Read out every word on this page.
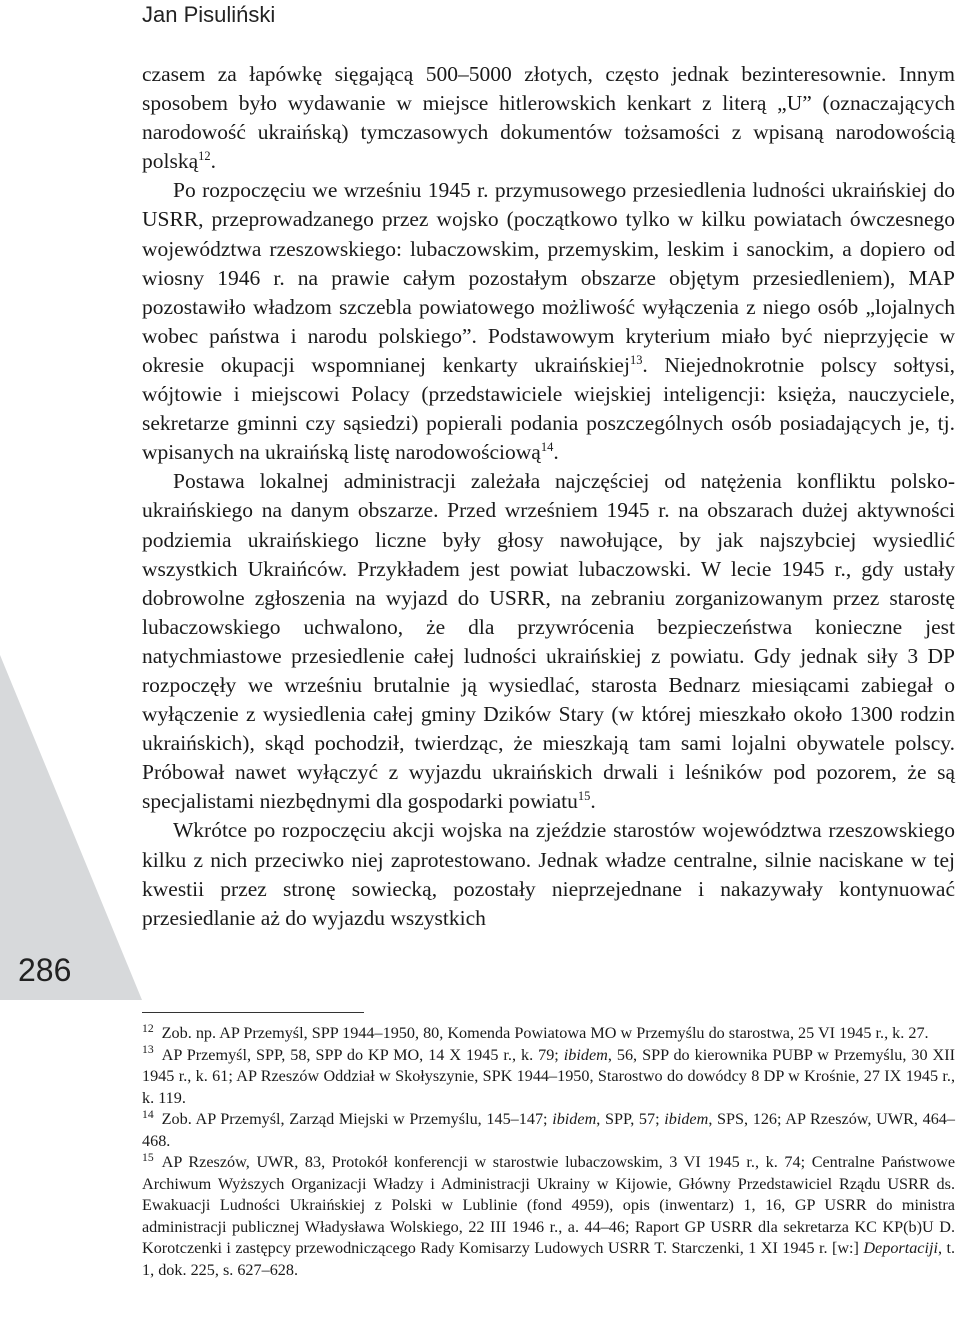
Jan Pisuliński
286

czasem za łapówkę sięgającą 500–5000 złotych, często jednak bezinteresownie. Innym sposobem było wydawanie w miejsce hitlerowskich kenkart z literą „U” (oznaczających narodowość ukraińską) tymczasowych dokumentów tożsamości z wpisaną narodowością polską$^{12}$.

Po rozpoczęciu we wrześniu 1945 r. przymusowego przesiedlenia ludności ukraińskiej do USRR, przeprowadzanego przez wojsko (początkowo tylko w kilku powiatach ówczesnego województwa rzeszowskiego: lubaczowskim, przemyskim, leskim i sanockim, a dopiero od wiosny 1946 r. na prawie całym pozostałym obszarze objętym przesiedleniem), MAP pozostawiło władzom szczebla powiatowego możliwość wyłączenia z niego osób „lojalnych wobec państwa i narodu polskiego”. Podstawowym kryterium miało być nieprzyjęcie w okresie okupacji wspomnianej kenkarty ukraińskiej$^{13}$. Niejednokrotnie polscy sołtysi, wójtowie i miejscowi Polacy (przedstawiciele wiejskiej inteligencji: księża, nauczyciele, sekretarze gminni czy sąsiedzi) popierali podania poszczególnych osób posiadających je, tj. wpisanych na ukraińską listę narodowościową$^{14}$.

Postawa lokalnej administracji zależała najczęściej od natężenia konfliktu polsko-ukraińskiego na danym obszarze. Przed wrześniem 1945 r. na obszarach dużej aktywności podziemia ukraińskiego liczne były głosy nawołujące, by jak najszybciej wysiedlić wszystkich Ukraińców. Przykładem jest powiat lubaczowski. W lecie 1945 r., gdy ustały dobrowolne zgłoszenia na wyjazd do USRR, na zebraniu zorganizowanym przez starostę lubaczowskiego uchwalono, że dla przywrócenia bezpieczeństwa konieczne jest natychmiastowe przesiedlenie całej ludności ukraińskiej z powiatu. Gdy jednak siły 3 DP rozpoczęły we wrześniu brutalnie ją wysiedlać, starosta Bednarz miesiącami zabiegał o wyłączenie z wysiedlenia całej gminy Dzików Stary (w której mieszkało około 1300 rodzin ukraińskich), skąd pochodził, twierdząc, że mieszkają tam sami lojalni obywatele polscy. Próbował nawet wyłączyć z wyjazdu ukraińskich drwali i leśników pod pozorem, że są specjalistami niezbędnymi dla gospodarki powiatu$^{15}$.

Wkrótce po rozpoczęciu akcji wojska na zjeździe starostów województwa rzeszowskiego kilku z nich przeciwko niej zaprotestowano. Jednak władze centralne, silnie naciskane w tej kwestii przez stronę sowiecką, pozostały nieprzejednane i nakazywały kontynuować przesiedlanie aż do wyjazdu wszystkich

$^{12}$ Zob. np. AP Przemyśl, SPP 1944–1950, 80, Komenda Powiatowa MO w Przemyślu do starostwa, 25 VI 1945 r., k. 27.

$^{13}$ AP Przemyśl, SPP, 58, SPP do KP MO, 14 X 1945 r., k. 79; ibidem, 56, SPP do kierownika PUBP w Przemyślu, 30 XII 1945 r., k. 61; AP Rzeszów Oddział w Skołyszynie, SPK 1944–1950, Starostwo do dowódcy 8 DP w Krośnie, 27 IX 1945 r., k. 119.

$^{14}$ Zob. AP Przemyśl, Zarząd Miejski w Przemyślu, 145–147; ibidem, SPP, 57; ibidem, SPS, 126; AP Rzeszów, UWR, 464–468.

$^{15}$ AP Rzeszów, UWR, 83, Protokół konferencji w starostwie lubaczowskim, 3 VI 1945 r., k. 74; Centralne Państwowe Archiwum Wyższych Organizacji Władzy i Administracji Ukrainy w Kijowie, Główny Przedstawiciel Rządu USRR ds. Ewakuacji Ludności Ukraińskiej z Polski w Lublinie (fond 4959), opis (inwentarz) 1, 16, GP USRR do ministra administracji publicznej Władysława Wolskiego, 22 III 1946 r., a. 44–46; Raport GP USRR dla sekretarza KC KP(b)U D. Korotczenki i zastępcy przewodniczącego Rady Komisarzy Ludowych USRR T. Starczenki, 1 XI 1945 r. [w:] Deportaciji, t. 1, dok. 225, s. 627–628.
